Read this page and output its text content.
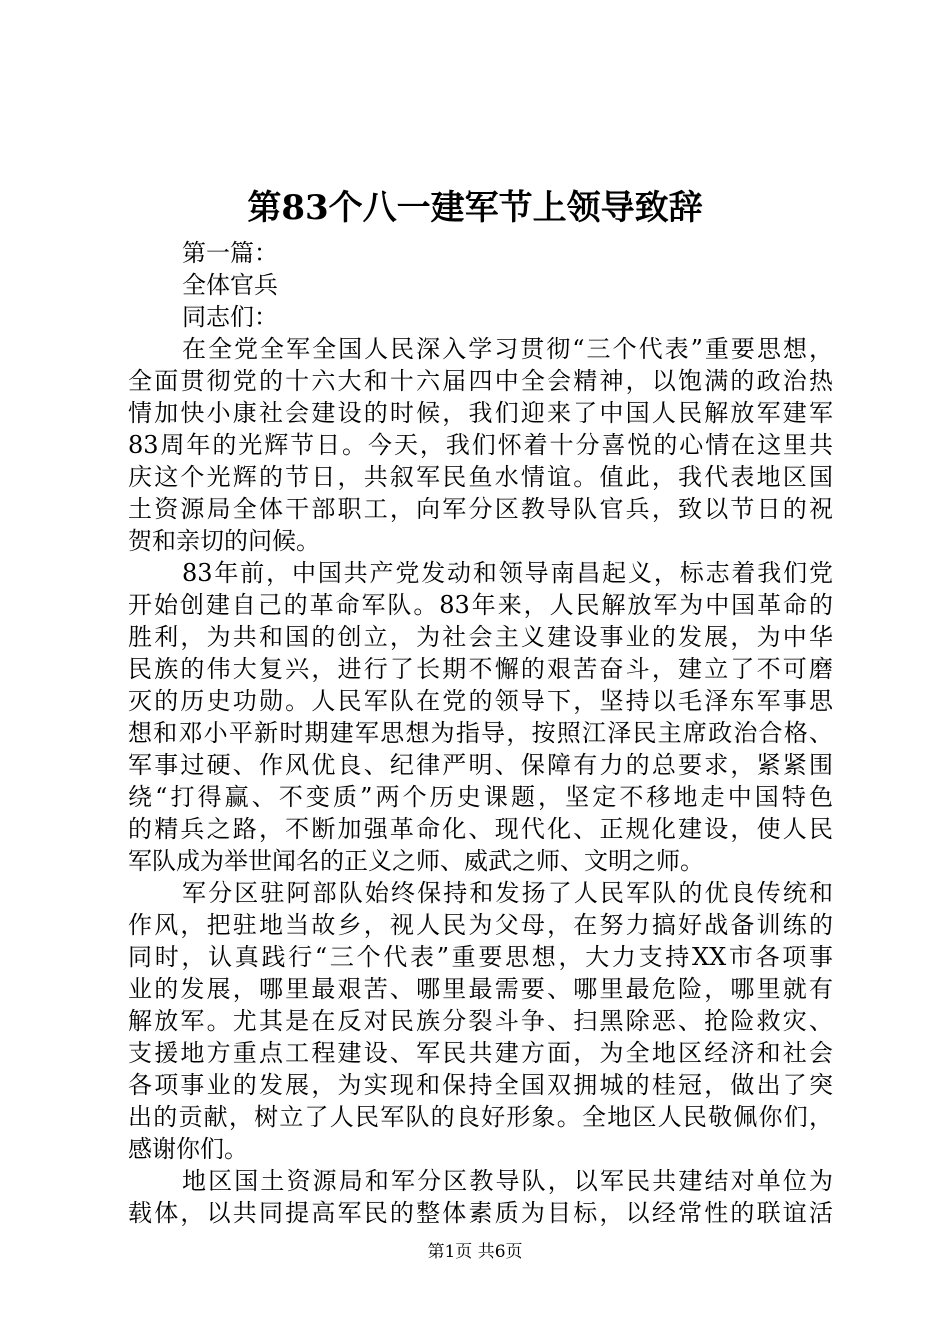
第83个八一建军节上领导致辞
第一篇：
全体官兵
同志们：
在全党全军全国人民深入学习贯彻“三个代表”重要思想，
全面贯彻党的十六大和十六届四中全会精神，以饱满的政治热
情加快小康社会建设的时候，我们迎来了中国人民解放军建军
83周年的光辉节日。今天，我们怀着十分喜悦的心情在这里共
庆这个光辉的节日，共叙军民鱼水情谊。值此，我代表地区国
土资源局全体干部职工，向军分区教导队官兵，致以节日的祝
贺和亲切的问候。
83年前，中国共产党发动和领导南昌起义，标志着我们党
开始创建自己的革命军队。83年来，人民解放军为中国革命的
胜利，为共和国的创立，为社会主义建设事业的发展，为中华
民族的伟大复兴，进行了长期不懈的艰苦奋斗，建立了不可磨
灭的历史功勋。人民军队在党的领导下，坚持以毛泽东军事思
想和邓小平新时期建军思想为指导，按照江泽民主席政治合格、
军事过硬、作风优良、纪律严明、保障有力的总要求，紧紧围
绕“打得赢、不变质”两个历史课题，坚定不移地走中国特色
的精兵之路，不断加强革命化、现代化、正规化建设，使人民
军队成为举世闻名的正义之师、威武之师、文明之师。
军分区驻阿部队始终保持和发扬了人民军队的优良传统和
作风，把驻地当故乡，视人民为父母，在努力搞好战备训练的
同时，认真践行“三个代表”重要思想，大力支持XX市各项事
业的发展，哪里最艰苦、哪里最需要、哪里最危险，哪里就有
解放军。尤其是在反对民族分裂斗争、扫黑除恶、抢险救灾、
支援地方重点工程建设、军民共建方面，为全地区经济和社会
各项事业的发展，为实现和保持全国双拥城的桂冠，做出了突
出的贡献，树立了人民军队的良好形象。全地区人民敬佩你们，
感谢你们。
地区国土资源局和军分区教导队，以军民共建结对单位为
载体，以共同提高军民的整体素质为目标，以经常性的联谊活
第1页 共6页
